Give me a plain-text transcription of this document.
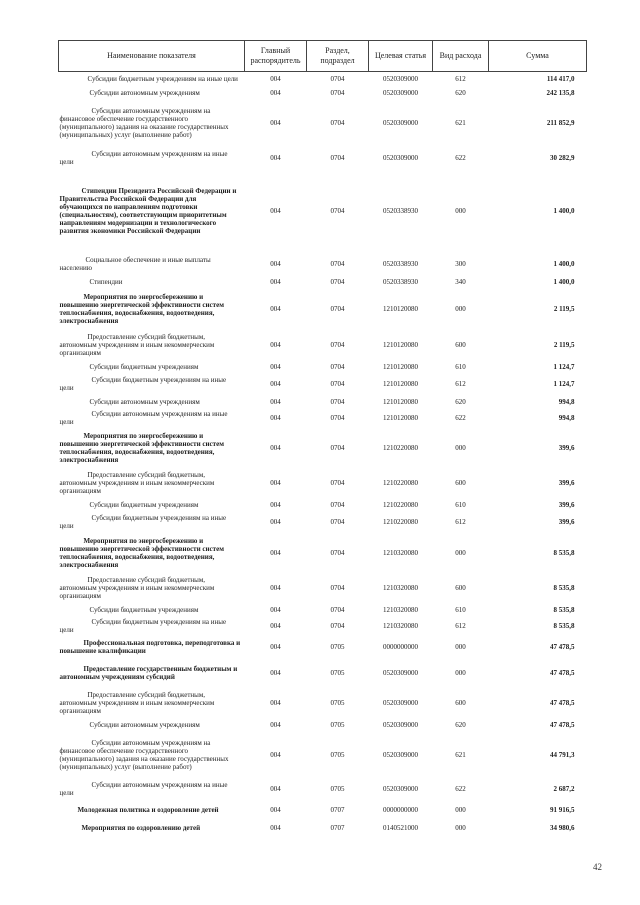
Наименование показателя	Главный распорядитель	Раздел, подраздел	Целевая статья	Вид расхода	Сумма

Субсидии бюджетным учреждениям на иные цели	004	0704	0520309000	612	114 417,0

Субсидии автономным учреждениям	004	0704	0520309000	620	242 135,8

Субсидии автономным учреждениям на финансовое обеспечение государственного (муниципального) задания на оказание государственных (муниципальных) услуг (выполнение работ)	004	0704	0520309000	621	211 852,9

Субсидии автономным учреждениям на иные цели	004	0704	0520309000	622	30 282,9

Стипендии Президента Российской Федерации и Правительства Российской Федерации для обучающихся по направлениям подготовки (специальностям), соответствующим приоритетным направлениям модернизации и технологического развития экономики Российской Федерации	004	0704	0520338930	000	1 400,0

Социальное обеспечение и иные выплаты населению	004	0704	0520338930	300	1 400,0

Стипендии	004	0704	0520338930	340	1 400,0

Мероприятия по энергосбережению и повышению энергетической эффективности систем теплоснабжения, водоснабжения, водоотведения, электроснабжения	004	0704	1210120080	000	2 119,5

Предоставление субсидий бюджетным, автономным учреждениям и иным некоммерческим организациям	004	0704	1210120080	600	2 119,5

Субсидии бюджетным учреждениям	004	0704	1210120080	610	1 124,7

Субсидии бюджетным учреждениям на иные цели	004	0704	1210120080	612	1 124,7

Субсидии автономным учреждениям	004	0704	1210120080	620	994,8

Субсидии автономным учреждениям на иные цели	004	0704	1210120080	622	994,8

Мероприятия по энергосбережению и повышению энергетической эффективности систем теплоснабжения, водоснабжения, водоотведения, электроснабжения	004	0704	1210220080	000	399,6

Предоставление субсидий бюджетным, автономным учреждениям и иным некоммерческим организациям	004	0704	1210220080	600	399,6

Субсидии бюджетным учреждениям	004	0704	1210220080	610	399,6

Субсидии бюджетным учреждениям на иные цели	004	0704	1210220080	612	399,6

Мероприятия по энергосбережению и повышению энергетической эффективности систем теплоснабжения, водоснабжения, водоотведения, электроснабжения	004	0704	1210320080	000	8 535,8

Предоставление субсидий бюджетным, автономным учреждениям и иным некоммерческим организациям	004	0704	1210320080	600	8 535,8

Субсидии бюджетным учреждениям	004	0704	1210320080	610	8 535,8

Субсидии бюджетным учреждениям на иные цели	004	0704	1210320080	612	8 535,8

Профессиональная подготовка, переподготовка и повышение квалификации	004	0705	0000000000	000	47 478,5

Предоставление государственным бюджетным и автономным учреждениям субсидий	004	0705	0520309000	000	47 478,5

Предоставление субсидий бюджетным, автономным учреждениям и иным некоммерческим организациям	004	0705	0520309000	600	47 478,5

Субсидии автономным учреждениям	004	0705	0520309000	620	47 478,5

Субсидии автономным учреждениям на финансовое обеспечение государственного (муниципального) задания на оказание государственных (муниципальных) услуг (выполнение работ)	004	0705	0520309000	621	44 791,3

Субсидии автономным учреждениям на иные цели	004	0705	0520309000	622	2 687,2

Молодежная политика и оздоровление детей	004	0707	0000000000	000	91 916,5

Мероприятия по оздоровлению детей	004	0707	0140521000	000	34 980,6
42
